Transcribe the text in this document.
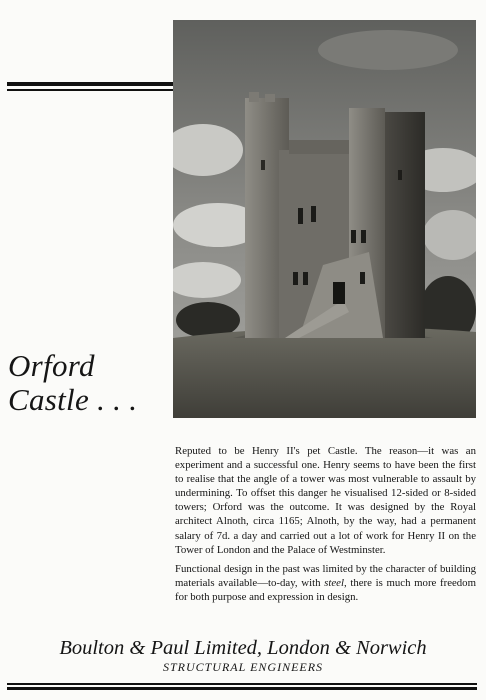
Orford
Castle . . .

Reputed to be Henry II's pet Castle. The reason—it was an experiment and a successful one. Henry seems to have been the first to realise that the angle of a tower was most vulnerable to assault by undermining. To offset this danger he visualised 12-sided or 8-sided towers; Orford was the outcome. It was designed by the Royal architect Alnoth, circa 1165; Alnoth, by the way, had a permanent salary of 7d. a day and carried out a lot of work for Henry II on the Tower of London and the Palace of Westminster.

Functional design in the past was limited by the character of building materials available—to-day, with steel, there is much more freedom for both purpose and expression in design.

Boulton & Paul Limited, London & Norwich
STRUCTURAL ENGINEERS
